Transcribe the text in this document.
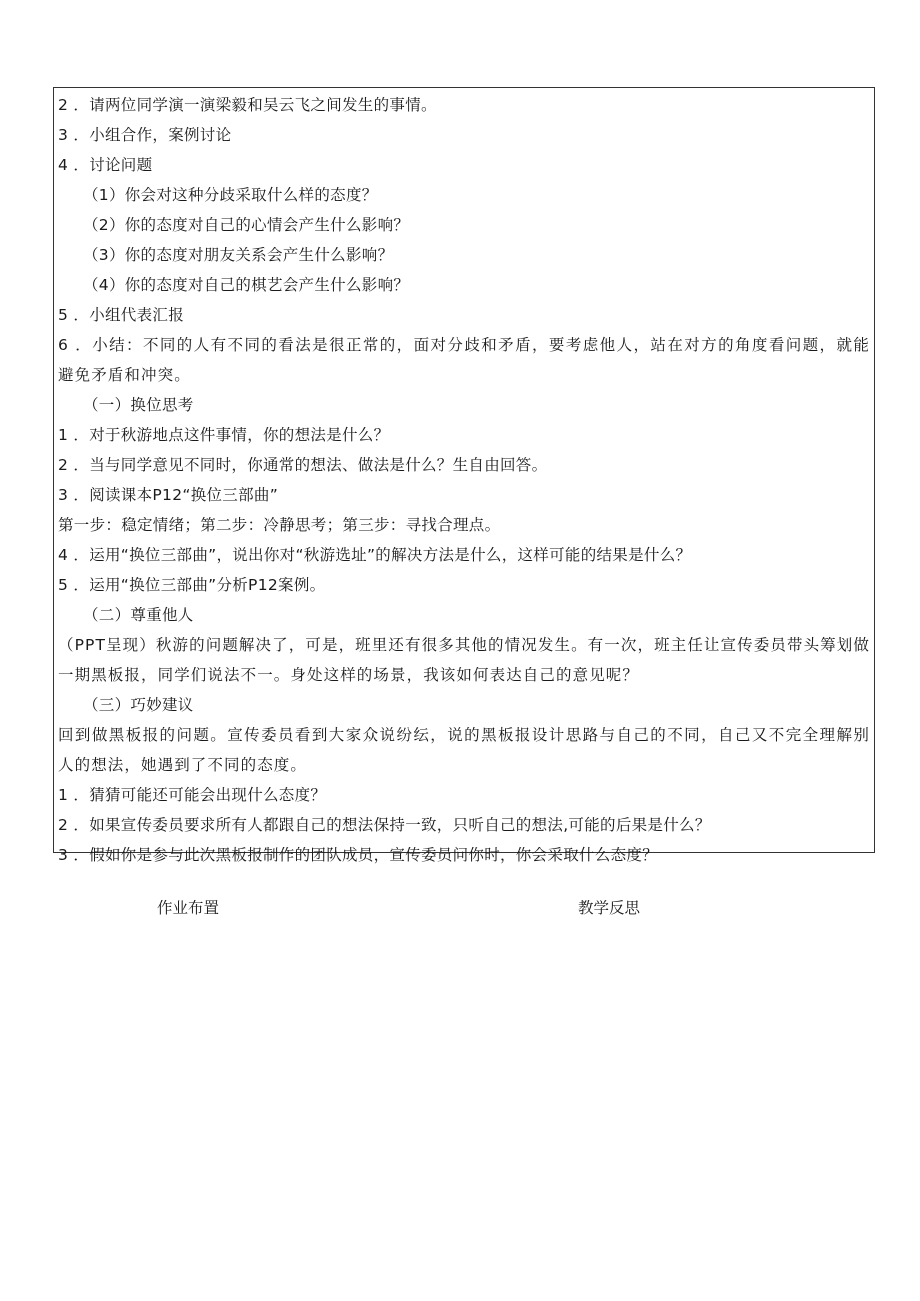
2 ．请两位同学演一演梁毅和吴云飞之间发生的事情。
3 ．小组合作，案例讨论
4 ．讨论问题
（1）你会对这种分歧采取什么样的态度？
（2）你的态度对自己的心情会产生什么影响？
（3）你的态度对朋友关系会产生什么影响？
（4）你的态度对自己的棋艺会产生什么影响？
5 ．小组代表汇报
6 ．小结：不同的人有不同的看法是很正常的，面对分歧和矛盾，要考虑他人，站在对方的角度看问题，就能避免矛盾和冲突。
（一）换位思考
1 ．对于秋游地点这件事情，你的想法是什么？
2 ．当与同学意见不同时，你通常的想法、做法是什么？生自由回答。
3 ．阅读课本P12“换位三部曲”
第一步：稳定情绪；第二步：冷静思考；第三步：寻找合理点。
4 ．运用“换位三部曲”，说出你对“秋游选址”的解决方法是什么，这样可能的结果是什么？
5 ．运用“换位三部曲”分析P12案例。
（二）尊重他人
（PPT呈现）秋游的问题解决了，可是，班里还有很多其他的情况发生。有一次，班主任让宣传委员带头筹划做一期黑板报，同学们说法不一。身处这样的场景，我该如何表达自己的意见呢？
（三）巧妙建议
回到做黑板报的问题。宣传委员看到大家众说纷纭，说的黑板报设计思路与自己的不同，自己又不完全理解别人的想法，她遇到了不同的态度。
1 ．猜猜可能还可能会出现什么态度？
2 ．如果宣传委员要求所有人都跟自己的想法保持一致，只听自己的想法,可能的后果是什么？
3 ．假如你是参与此次黑板报制作的团队成员，宣传委员问你时，你会采取什么态度？
作业布置	教学反思
